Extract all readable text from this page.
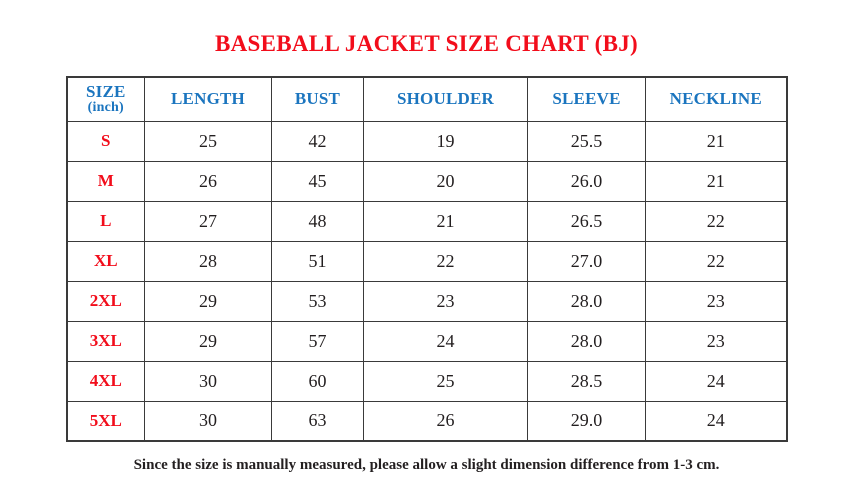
BASEBALL JACKET SIZE CHART (BJ)
SIZE
(inch)	LENGTH	BUST	SHOULDER	SLEEVE	NECKLINE
S	25	42	19	25.5	21
M	26	45	20	26.0	21
L	27	48	21	26.5	22
XL	28	51	22	27.0	22
2XL	29	53	23	28.0	23
3XL	29	57	24	28.0	23
4XL	30	60	25	28.5	24
5XL	30	63	26	29.0	24

Since the size is manually measured, please allow a slight dimension difference from 1-3 cm.
